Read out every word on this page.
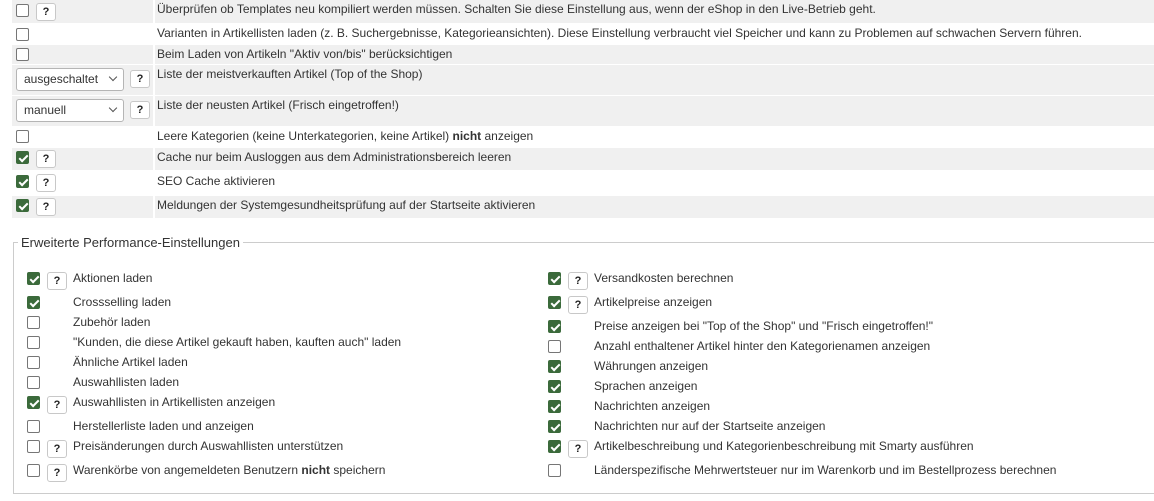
?	Überprüfen ob Templates neu kompiliert werden müssen. Schalten Sie diese Einstellung aus, wenn der eShop in den Live-Betrieb geht.
Varianten in Artikellisten laden (z. B. Suchergebnisse, Kategorieansichten). Diese Einstellung verbraucht viel Speicher und kann zu Problemen auf schwachen Servern führen.
Beim Laden von Artikeln "Aktiv von/bis" berücksichtigen
ausgeschaltet	?	Liste der meistverkauften Artikel (Top of the Shop)
manuell	?	Liste der neusten Artikel (Frisch eingetroffen!)
Leere Kategorien (keine Unterkategorien, keine Artikel) nicht anzeigen
?	Cache nur beim Ausloggen aus dem Administrationsbereich leeren
?	SEO Cache aktivieren
?	Meldungen der Systemgesundheitsprüfung auf der Startseite aktivieren
Erweiterte Performance-Einstellungen
?	Aktionen laden
Crossselling laden
Zubehör laden
"Kunden, die diese Artikel gekauft haben, kauften auch" laden
Ähnliche Artikel laden
Auswahllisten laden
?	Auswahllisten in Artikellisten anzeigen
Herstellerliste laden und anzeigen
?	Preisänderungen durch Auswahllisten unterstützen
?	Warenkörbe von angemeldeten Benutzern nicht speichern
?	Versandkosten berechnen
?	Artikelpreise anzeigen
Preise anzeigen bei "Top of the Shop" und "Frisch eingetroffen!"
Anzahl enthaltener Artikel hinter den Kategorienamen anzeigen
Währungen anzeigen
Sprachen anzeigen
Nachrichten anzeigen
Nachrichten nur auf der Startseite anzeigen
?	Artikelbeschreibung und Kategorienbeschreibung mit Smarty ausführen
Länderspezifische Mehrwertsteuer nur im Warenkorb und im Bestellprozess berechnen
